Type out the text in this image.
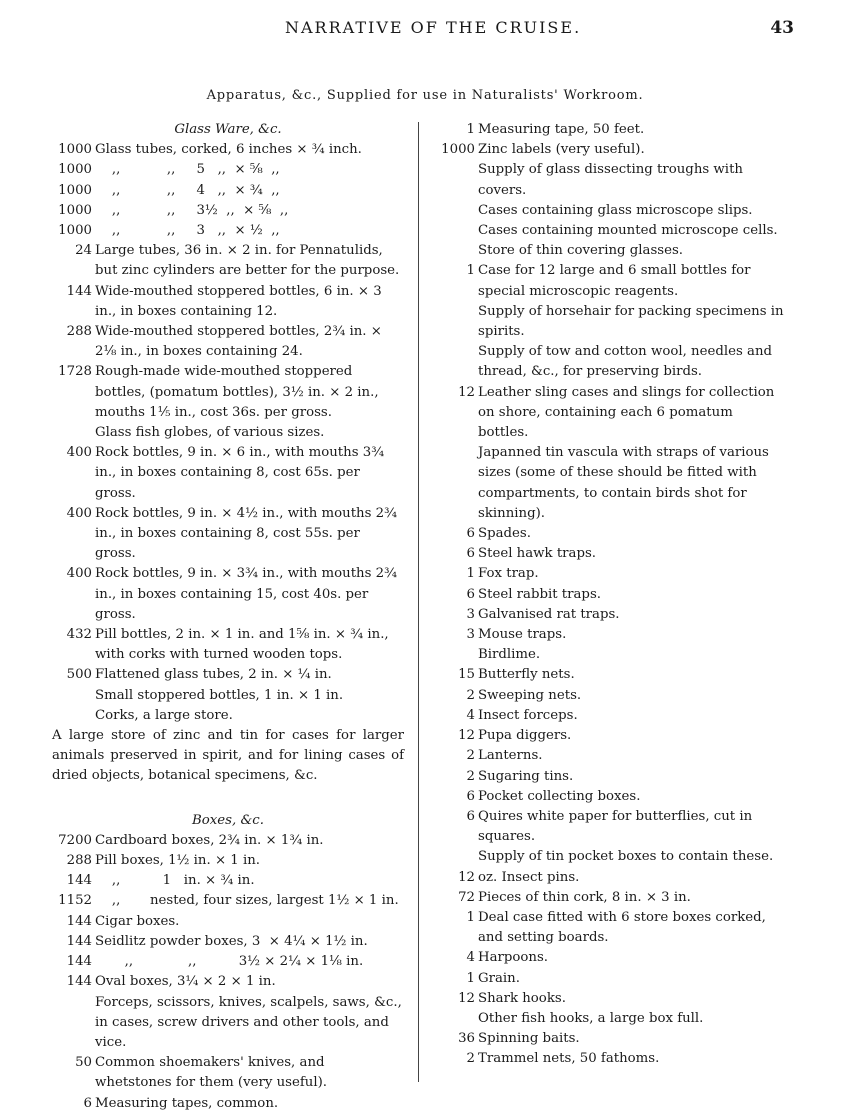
NARRATIVE OF THE CRUISE.	43
Apparatus, &c., Supplied for use in Naturalists' Workroom.
Glass Ware, &c.
1000 Glass tubes, corked, 6 inches × ¾ inch.
1000 ,,           ,,     5   ,,  × ⅝  ,,
1000 ,,           ,,     4   ,,  × ¾  ,,
1000 ,,           ,,     3½  ,,  × ⅝  ,,
1000 ,,           ,,     3   ,,  × ½  ,,
24 Large tubes, 36 in. × 2 in. for Pennatulids, but zinc cylinders are better for the purpose.
144 Wide-mouthed stoppered bottles, 6 in. × 3 in., in boxes containing 12.
288 Wide-mouthed stoppered bottles, 2¾ in. × 2⅛ in., in boxes containing 24.
1728 Rough-made wide-mouthed stoppered bottles, (pomatum bottles), 3½ in. × 2 in., mouths 1⅕ in., cost 36s. per gross.
Glass fish globes, of various sizes.
400 Rock bottles, 9 in. × 6 in., with mouths 3¾ in., in boxes containing 8, cost 65s. per gross.
400 Rock bottles, 9 in. × 4½ in., with mouths 2¾ in., in boxes containing 8, cost 55s. per gross.
400 Rock bottles, 9 in. × 3¾ in., with mouths 2¾ in., in boxes containing 15, cost 40s. per gross.
432 Pill bottles, 2 in. × 1 in. and 1⅝ in. × ¾ in., with corks with turned wooden tops.
500 Flattened glass tubes, 2 in. × ¼ in.
Small stoppered bottles, 1 in. × 1 in.
Corks, a large store.
A large store of zinc and tin for cases for larger animals preserved in spirit, and for lining cases of dried objects, botanical specimens, &c.
Boxes, &c.
7200 Cardboard boxes, 2¾ in. × 1¾ in.
288 Pill boxes, 1½ in. × 1 in.
144 ,,          1   in. × ¾ in.
1152 ,,       nested, four sizes, largest 1½ × 1 in.
144 Cigar boxes.
144 Seidlitz powder boxes, 3  × 4¼ × 1½ in.
144 ,,             ,,          3½ × 2¼ × 1⅛ in.
144 Oval boxes, 3¼ × 2 × 1 in.
Forceps, scissors, knives, scalpels, saws, &c., in cases, screw drivers and other tools, and vice.
50 Common shoemakers' knives, and whetstones for them (very useful).
6 Measuring tapes, common.
1 Measuring tape, 50 feet.
1000 Zinc labels (very useful).
Supply of glass dissecting troughs with covers.
Cases containing glass microscope slips.
Cases containing mounted microscope cells.
Store of thin covering glasses.
1 Case for 12 large and 6 small bottles for special microscopic reagents.
Supply of horsehair for packing specimens in spirits.
Supply of tow and cotton wool, needles and thread, &c., for preserving birds.
12 Leather sling cases and slings for collection on shore, containing each 6 pomatum bottles.
Japanned tin vascula with straps of various sizes (some of these should be fitted with compartments, to contain birds shot for skinning).
6 Spades.
6 Steel hawk traps.
1 Fox trap.
6 Steel rabbit traps.
3 Galvanised rat traps.
3 Mouse traps.
Birdlime.
15 Butterfly nets.
2 Sweeping nets.
4 Insect forceps.
12 Pupa diggers.
2 Lanterns.
2 Sugaring tins.
6 Pocket collecting boxes.
6 Quires white paper for butterflies, cut in squares.
Supply of tin pocket boxes to contain these.
12 oz. Insect pins.
72 Pieces of thin cork, 8 in. × 3 in.
1 Deal case fitted with 6 store boxes corked, and setting boards.
4 Harpoons.
1 Grain.
12 Shark hooks.
Other fish hooks, a large box full.
36 Spinning baits.
2 Trammel nets, 50 fathoms.
